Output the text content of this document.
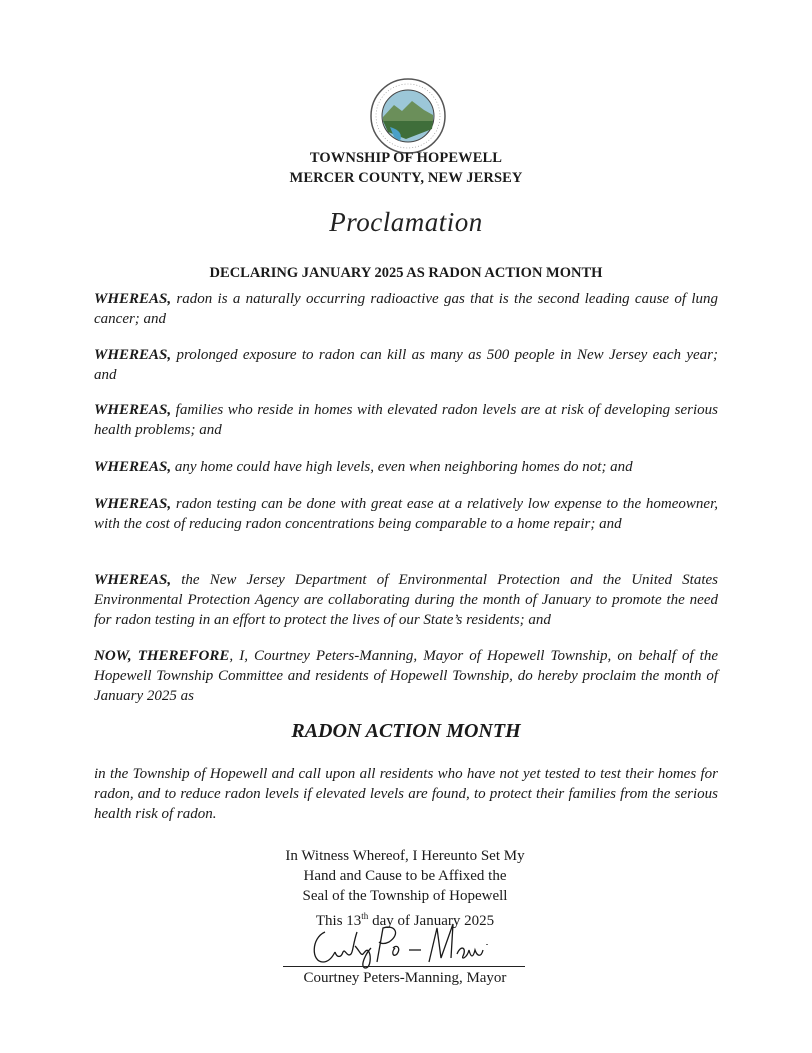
TOWNSHIP OF HOPEWELL
MERCER COUNTY, NEW JERSEY
Proclamation
DECLARING JANUARY 2025 AS RADON ACTION MONTH

WHEREAS, radon is a naturally occurring radioactive gas that is the second leading cause of lung cancer; and

WHEREAS, prolonged exposure to radon can kill as many as 500 people in New Jersey each year; and

WHEREAS, families who reside in homes with elevated radon levels are at risk of developing serious health problems; and

WHEREAS, any home could have high levels, even when neighboring homes do not; and

WHEREAS, radon testing can be done with great ease at a relatively low expense to the homeowner, with the cost of reducing radon concentrations being comparable to a home repair; and

WHEREAS, the New Jersey Department of Environmental Protection and the United States Environmental Protection Agency are collaborating during the month of January to promote the need for radon testing in an effort to protect the lives of our State’s residents; and

NOW, THEREFORE, I, Courtney Peters-Manning, Mayor of Hopewell Township, on behalf of the Hopewell Township Committee and residents of Hopewell Township, do hereby proclaim the month of January 2025 as

RADON ACTION MONTH

in the Township of Hopewell and call upon all residents who have not yet tested to test their homes for radon, and to reduce radon levels if elevated levels are found, to protect their families from the serious health risk of radon.

In Witness Whereof, I Hereunto Set My
Hand and Cause to be Affixed the
Seal of the Township of Hopewell
This 13th day of January 2025
Courtney Peters-Manning, Mayor
